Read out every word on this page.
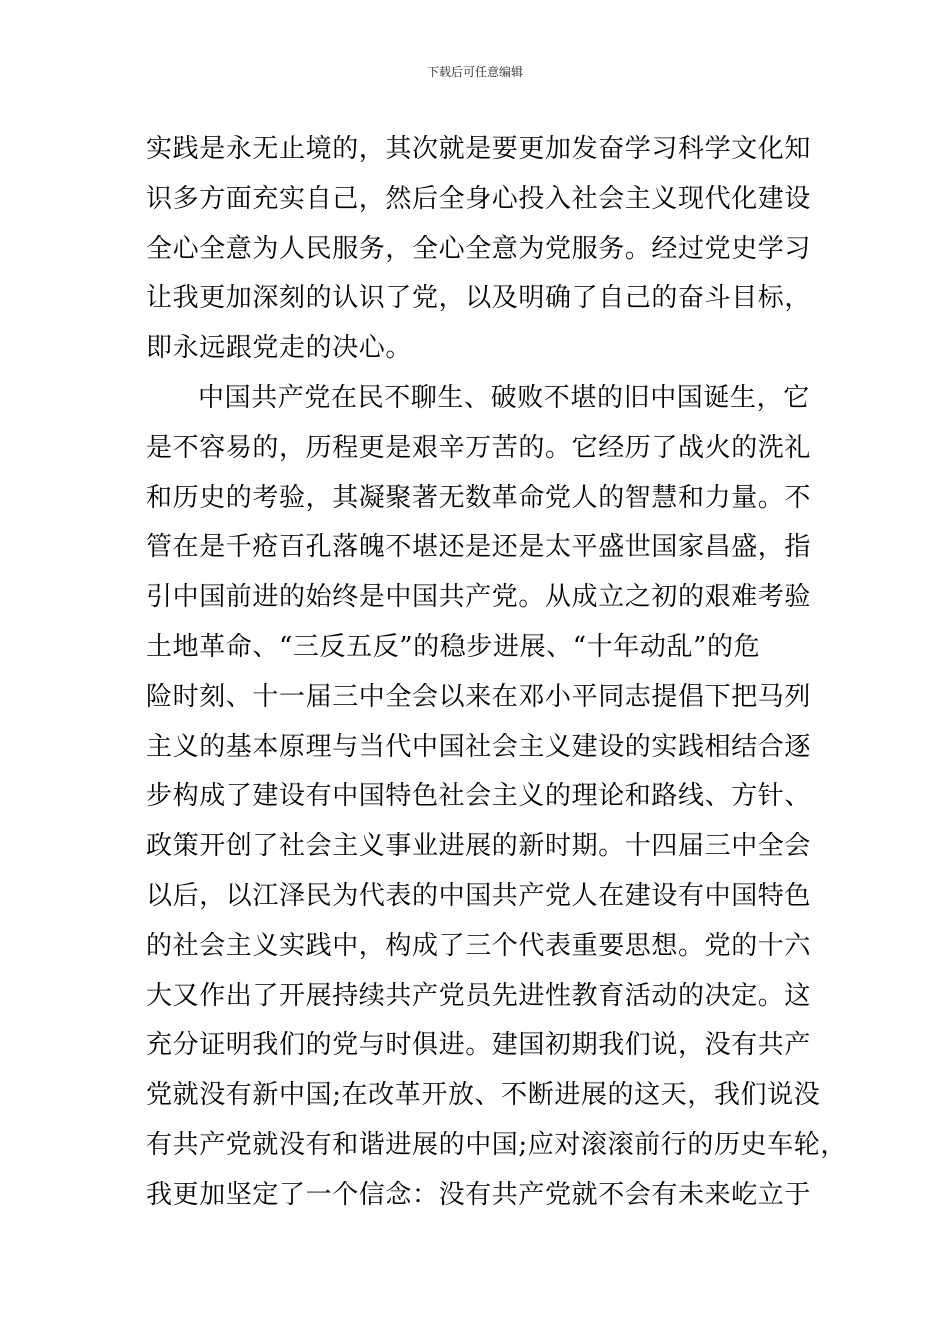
下载后可任意编辑
实践是永无止境的，其次就是要更加发奋学习科学文化知
识多方面充实自己，然后全身心投入社会主义现代化建设
全心全意为人民服务，全心全意为党服务。经过党史学习
让我更加深刻的认识了党，以及明确了自己的奋斗目标，
即永远跟党走的决心。
中国共产党在民不聊生、破败不堪的旧中国诞生，它
是不容易的，历程更是艰辛万苦的。它经历了战火的洗礼
和历史的考验，其凝聚著无数革命党人的智慧和力量。不
管在是千疮百孔落魄不堪还是还是太平盛世国家昌盛，指
引中国前进的始终是中国共产党。从成立之初的艰难考验
土地革命、“三反五反”的稳步进展、“十年动乱”的危
险时刻、十一届三中全会以来在邓小平同志提倡下把马列
主义的基本原理与当代中国社会主义建设的实践相结合逐
步构成了建设有中国特色社会主义的理论和路线、方针、
政策开创了社会主义事业进展的新时期。十四届三中全会
以后，以江泽民为代表的中国共产党人在建设有中国特色
的社会主义实践中，构成了三个代表重要思想。党的十六
大又作出了开展持续共产党员先进性教育活动的决定。这
充分证明我们的党与时俱进。建国初期我们说，没有共产
党就没有新中国;在改革开放、不断进展的这天，我们说没
有共产党就没有和谐进展的中国;应对滚滚前行的历史车轮，
我更加坚定了一个信念：没有共产党就不会有未来屹立于
